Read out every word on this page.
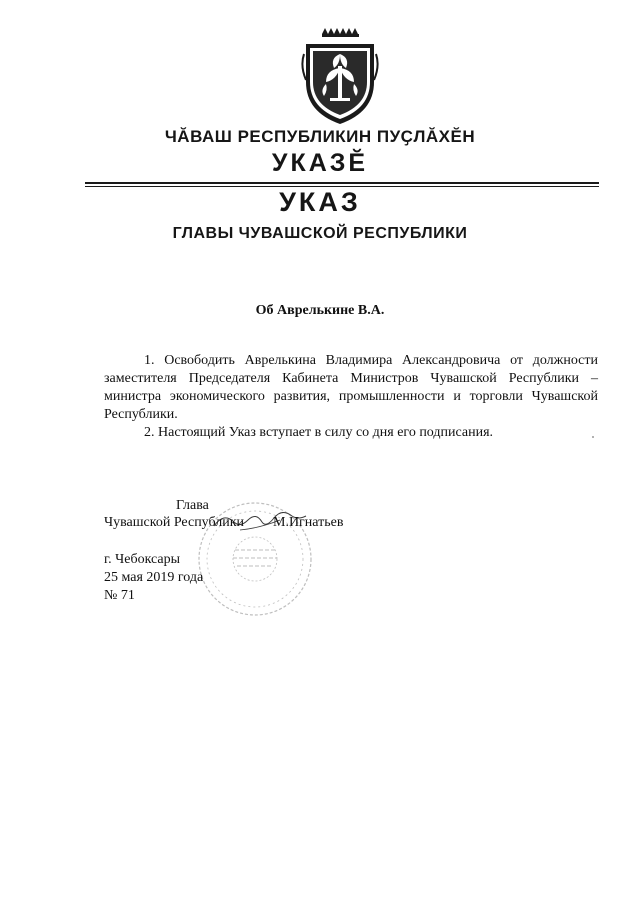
ЧӐВАШ РЕСПУБЛИКИН ПУҪЛӐХӖН
УКАЗӖ
УКАЗ
ГЛАВЫ ЧУВАШСКОЙ РЕСПУБЛИКИ
Об Аврелькине В.А.

1. Освободить Аврелькина Владимира Александровича от должности заместителя Председателя Кабинета Министров Чувашской Республики – министра экономического развития, промышленности и торговли Чувашской Республики.

2. Настоящий Указ вступает в силу со дня его подписания.

Глава
Чувашской Республики М.Игнатьев
г. Чебоксары
25 мая 2019 года
№ 71
